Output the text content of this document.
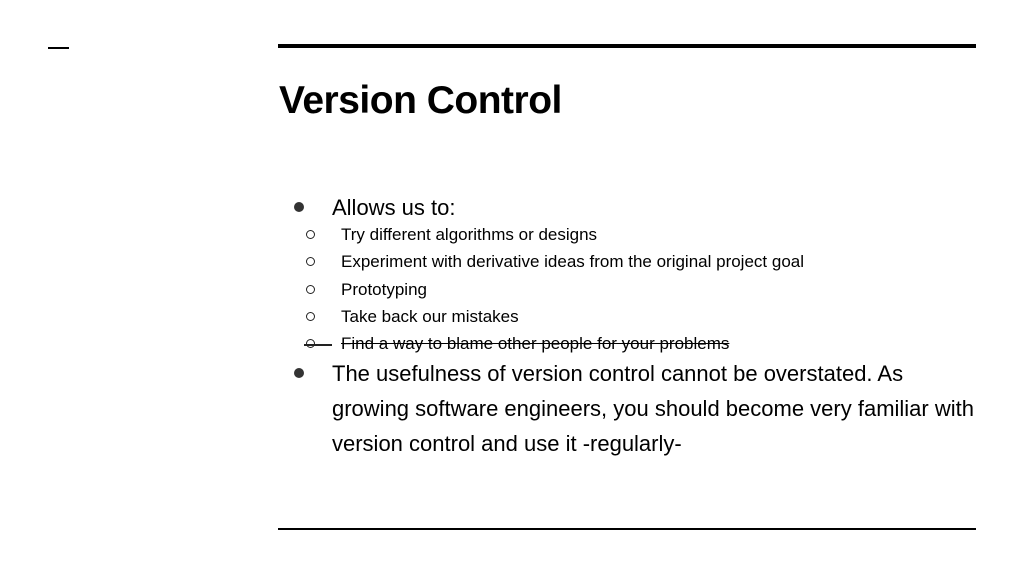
Version Control
Allows us to:
Try different algorithms or designs
Experiment with derivative ideas from the original project goal
Prototyping
Take back our mistakes
Find a way to blame other people for your problems
The usefulness of version control cannot be overstated. As growing software engineers, you should become very familiar with version control and use it -regularly-
